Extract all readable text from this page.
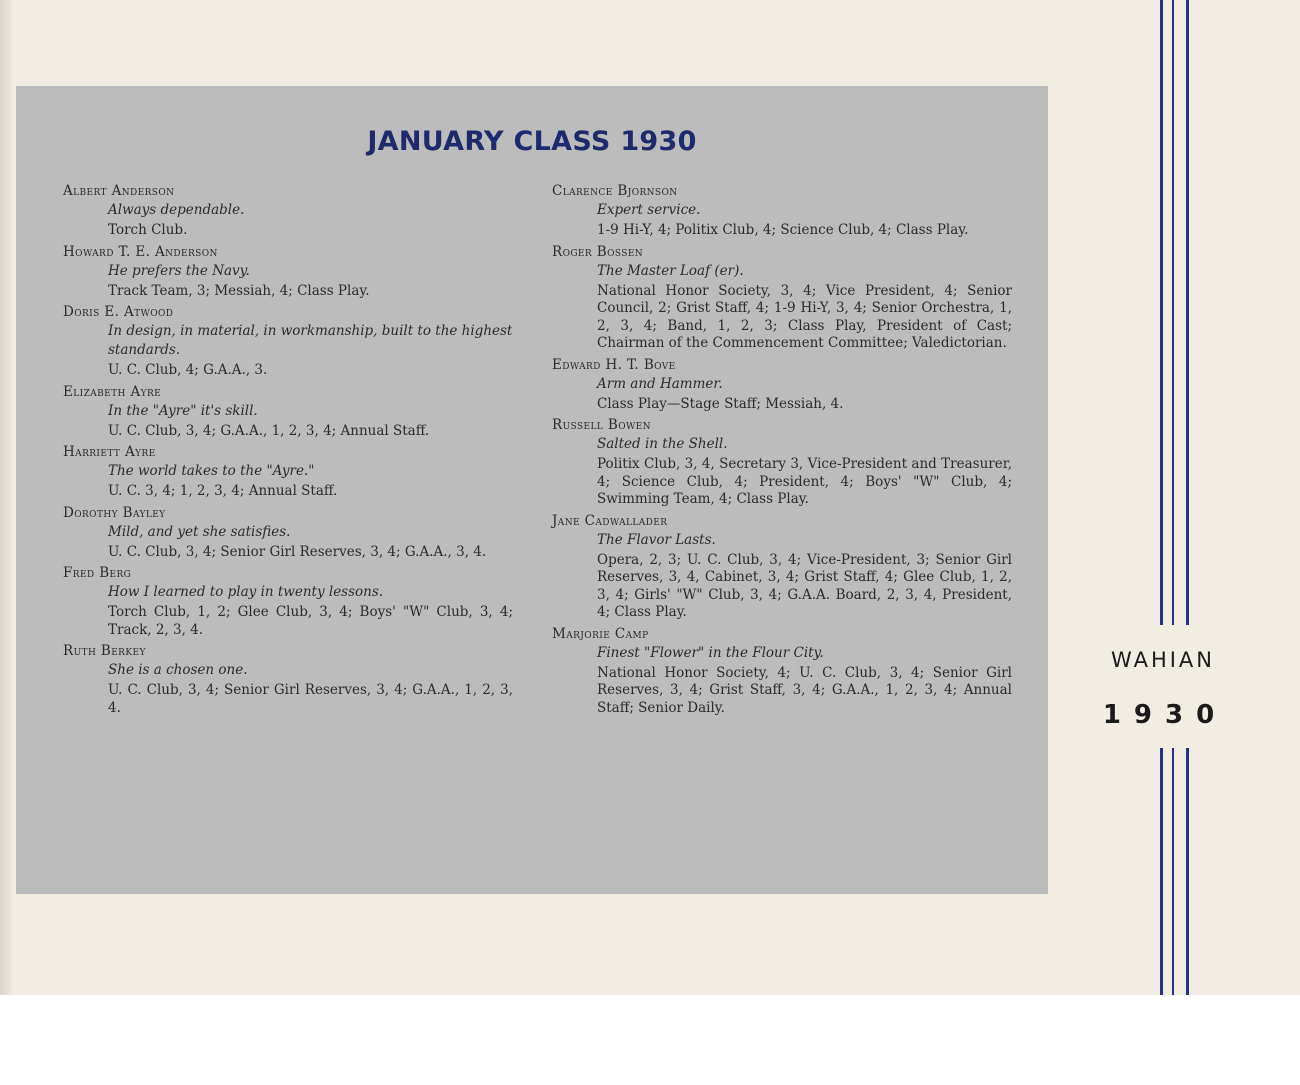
JANUARY CLASS 1930
Albert Anderson
Always dependable.
Torch Club.
Howard T. E. Anderson
He prefers the Navy.
Track Team, 3; Messiah, 4; Class Play.
Doris E. Atwood
In design, in material, in workmanship, built to the highest standards.
U. C. Club, 4; G.A.A., 3.
Elizabeth Ayre
In the "Ayre" it's skill.
U. C. Club, 3, 4; G.A.A., 1, 2, 3, 4; Annual Staff.
Harriett Ayre
The world takes to the "Ayre."
U. C. 3, 4; 1, 2, 3, 4; Annual Staff.
Dorothy Bayley
Mild, and yet she satisfies.
U. C. Club, 3, 4; Senior Girl Reserves, 3, 4; G.A.A., 3, 4.
Fred Berg
How I learned to play in twenty lessons.
Torch Club, 1, 2; Glee Club, 3, 4; Boys' "W" Club, 3, 4; Track, 2, 3, 4.
Ruth Berkey
She is a chosen one.
U. C. Club, 3, 4; Senior Girl Reserves, 3, 4; G.A.A., 1, 2, 3, 4.
Clarence Bjornson
Expert service.
1-9 Hi-Y, 4; Politix Club, 4; Science Club, 4; Class Play.
Roger Bossen
The Master Loaf (er).
National Honor Society, 3, 4; Vice President, 4; Senior Council, 2; Grist Staff, 4; 1-9 Hi-Y, 3, 4; Senior Orchestra, 1, 2, 3, 4; Band, 1, 2, 3; Class Play, President of Cast; Chairman of the Commencement Committee; Valedictorian.
Edward H. T. Bove
Arm and Hammer.
Class Play—Stage Staff; Messiah, 4.
Russell Bowen
Salted in the Shell.
Politix Club, 3, 4, Secretary 3, Vice-President and Treasurer, 4; Science Club, 4; President, 4; Boys' "W" Club, 4; Swimming Team, 4; Class Play.
Jane Cadwallader
The Flavor Lasts.
Opera, 2, 3; U. C. Club, 3, 4; Vice-President, 3; Senior Girl Reserves, 3, 4, Cabinet, 3, 4; Grist Staff, 4; Glee Club, 1, 2, 3, 4; Girls' "W" Club, 3, 4; G.A.A. Board, 2, 3, 4, President, 4; Class Play.
Marjorie Camp
Finest "Flower" in the Flour City.
National Honor Society, 4; U. C. Club, 3, 4; Senior Girl Reserves, 3, 4; Grist Staff, 3, 4; G.A.A., 1, 2, 3, 4; Annual Staff; Senior Daily.
WAHIAN
1930
